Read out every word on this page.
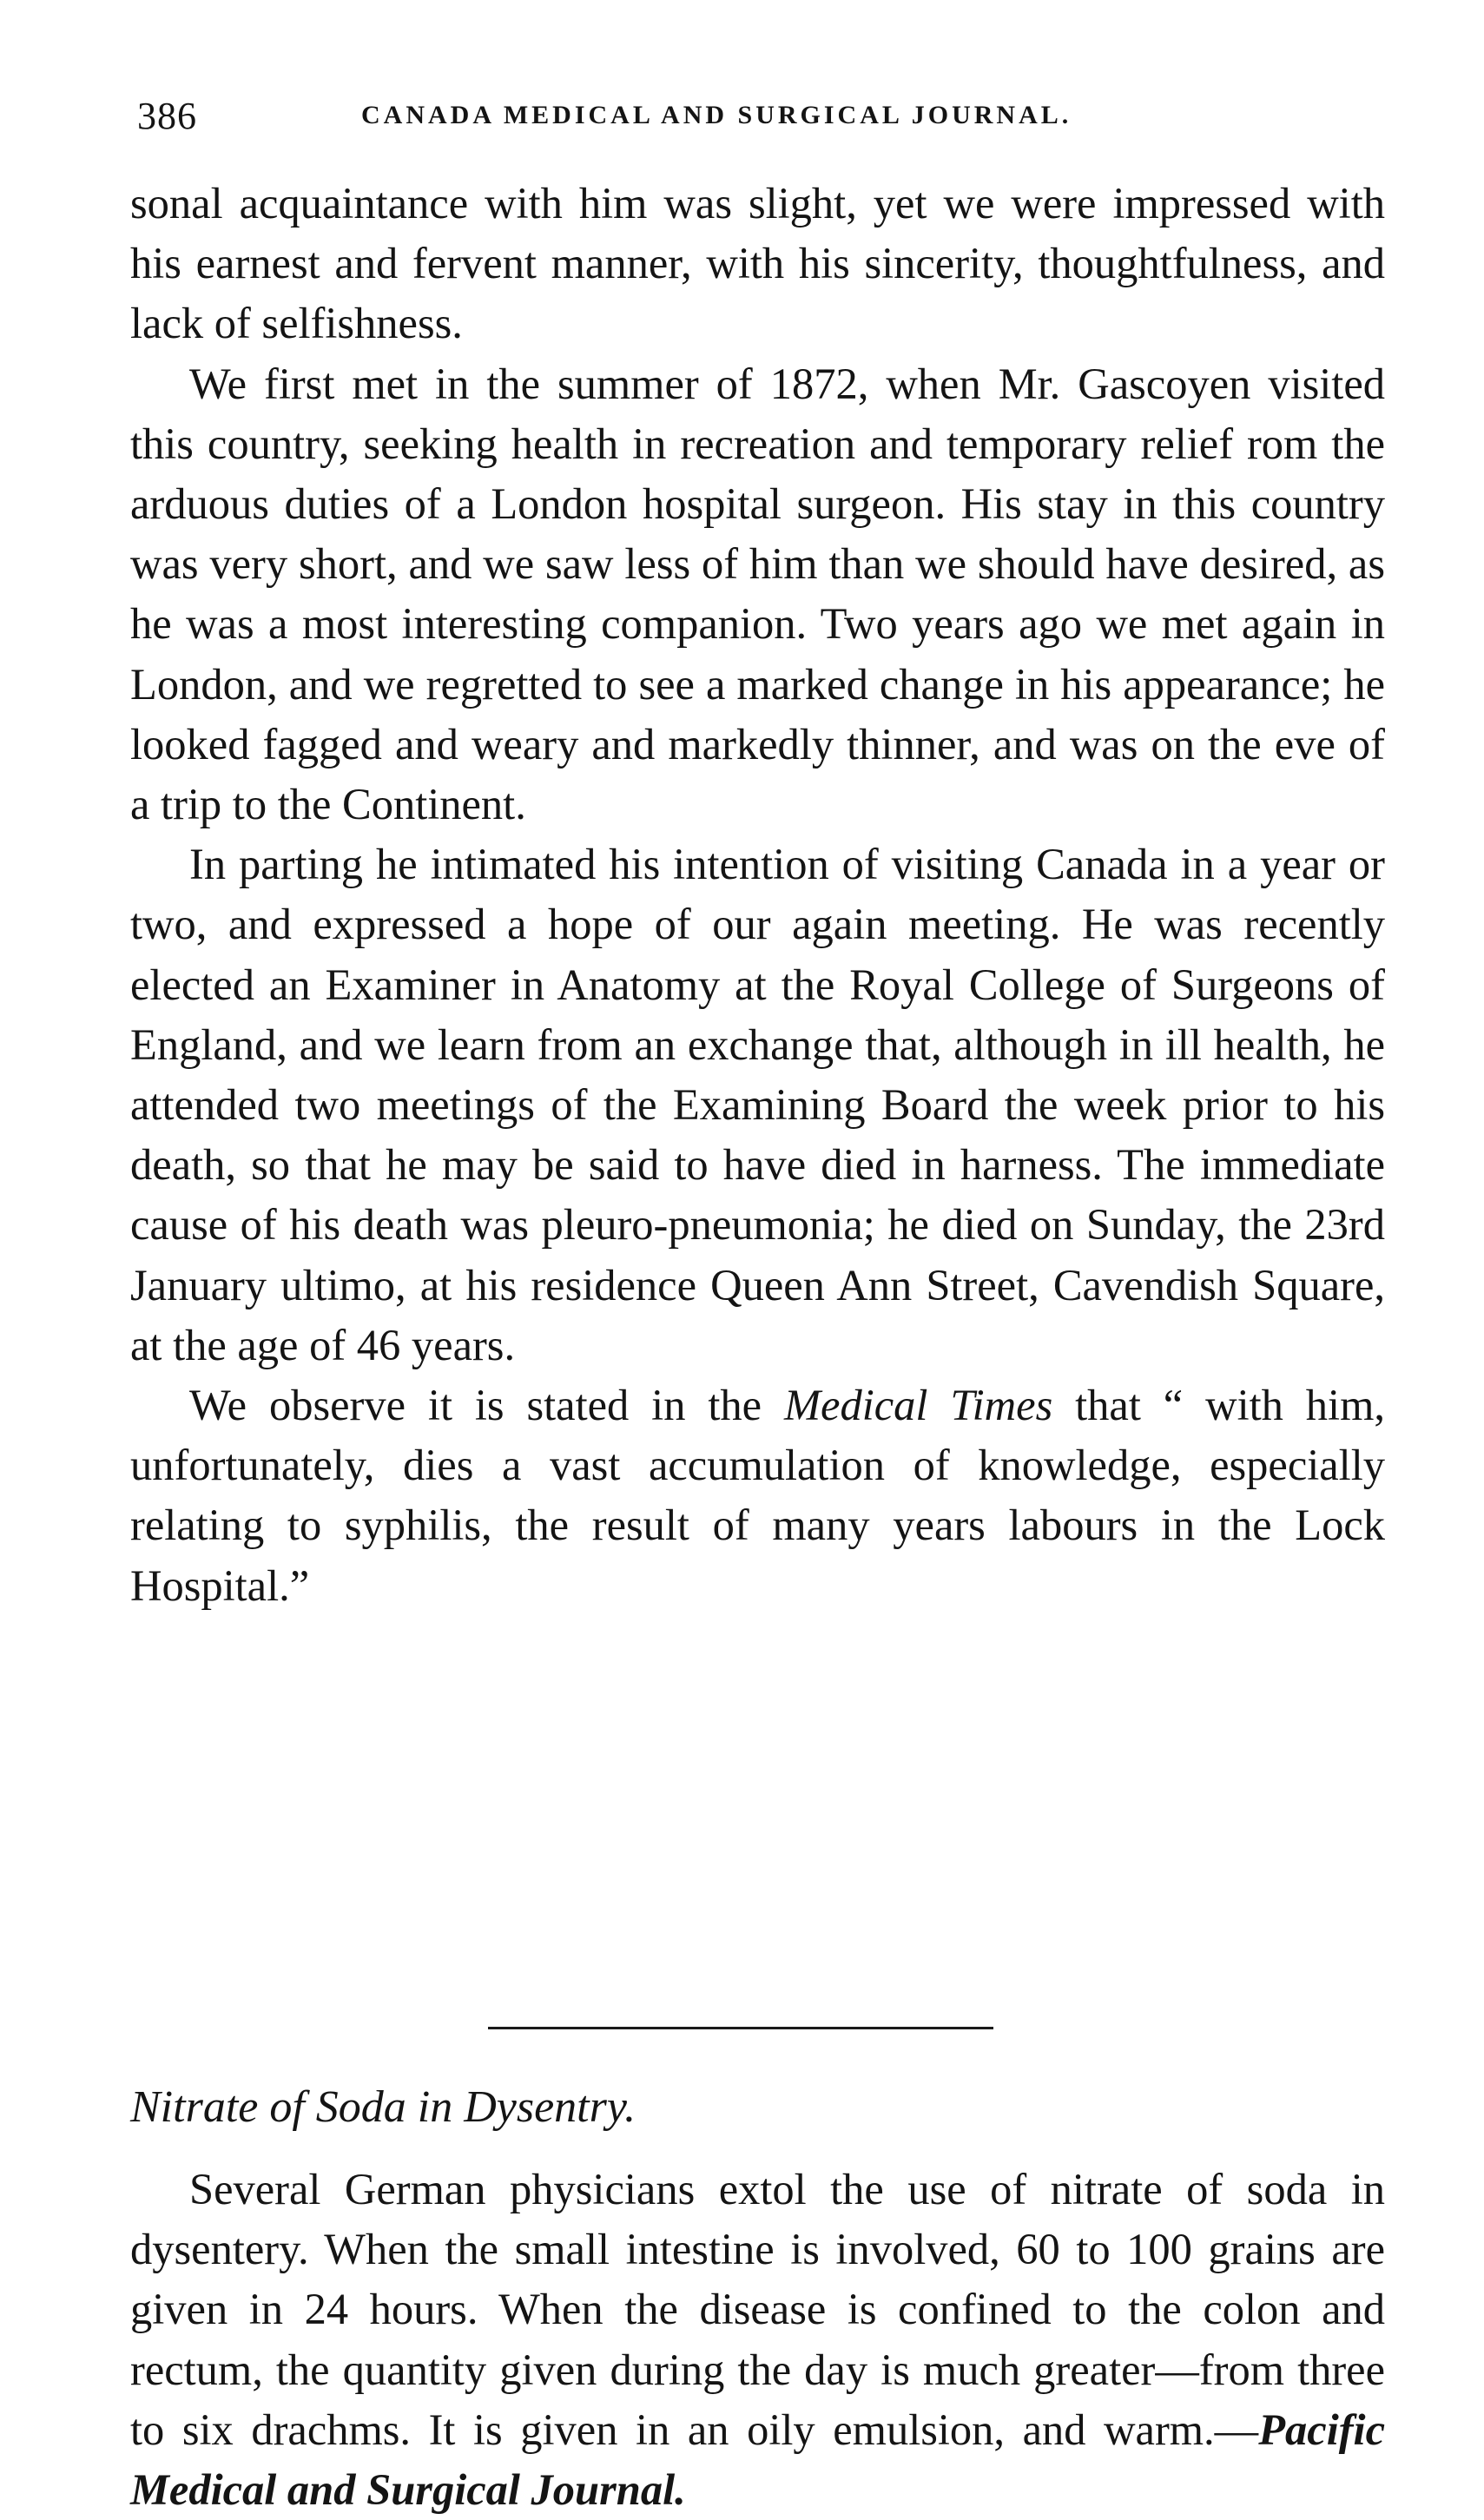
386	CANADA MEDICAL AND SURGICAL JOURNAL.

sonal acquaintance with him was slight, yet we were impressed with his earnest and fervent manner, with his sincerity, thoughtfulness, and lack of selfishness.

We first met in the summer of 1872, when Mr. Gascoyen visited this country, seeking health in recreation and temporary relief rom the arduous duties of a London hospital surgeon. His stay in this country was very short, and we saw less of him than we should have desired, as he was a most interesting companion. Two years ago we met again in London, and we regretted to see a marked change in his appearance; he looked fagged and weary and markedly thinner, and was on the eve of a trip to the Continent.

In parting he intimated his intention of visiting Canada in a year or two, and expressed a hope of our again meeting. He was recently elected an Examiner in Anatomy at the Royal College of Surgeons of England, and we learn from an exchange that, although in ill health, he attended two meetings of the Examining Board the week prior to his death, so that he may be said to have died in harness. The immediate cause of his death was pleuro-pneumonia; he died on Sunday, the 23rd January ultimo, at his residence Queen Ann Street, Cavendish Square, at the age of 46 years.

We observe it is stated in the Medical Times that “ with him, unfortunately, dies a vast accumulation of knowledge, especially relating to syphilis, the result of many years labours in the Lock Hospital.”

Nitrate of Soda in Dysentry.

Several German physicians extol the use of nitrate of soda in dysentery. When the small intestine is involved, 60 to 100 grains are given in 24 hours. When the disease is confined to the colon and rectum, the quantity given during the day is much greater—from three to six drachms. It is given in an oily emulsion, and warm.—Pacific Medical and Surgical Journal.
